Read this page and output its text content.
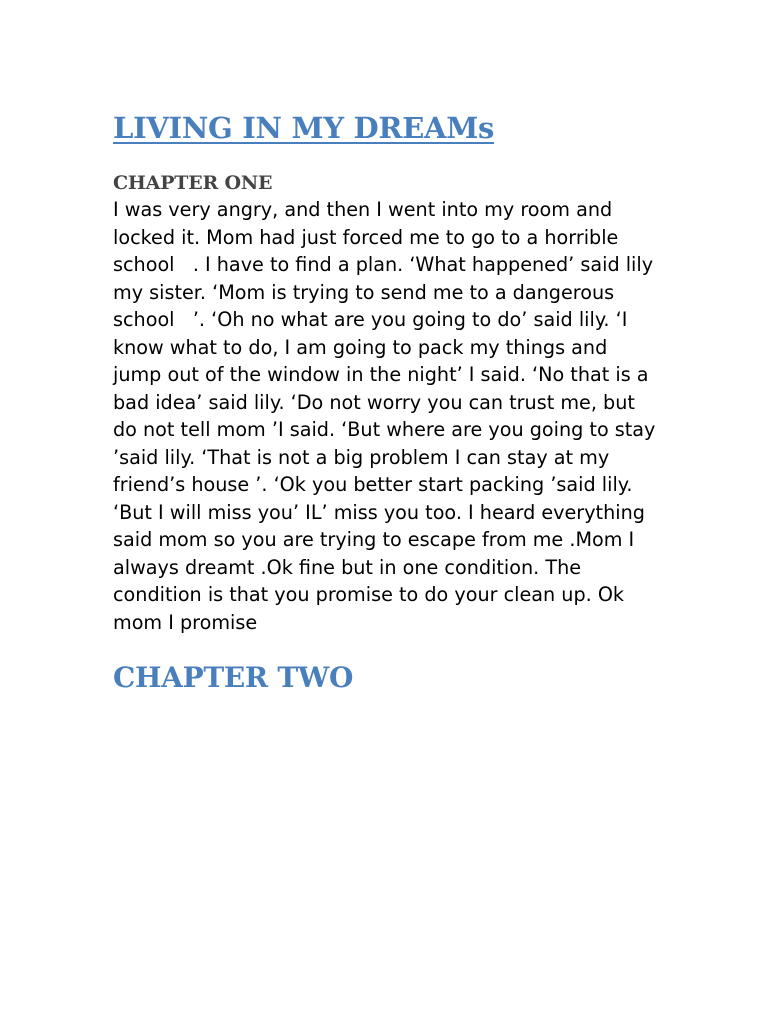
LIVING IN MY DREAMs
CHAPTER ONE

I was very angry, and then I went into my room and locked it. Mom had just forced me to go to a horrible school   . I have to find a plan. ‘What happened’ said lily my sister. ‘Mom is trying to send me to a dangerous school   ’. ‘Oh no what are you going to do’ said lily. ‘I know what to do, I am going to pack my things and jump out of the window in the night’ I said. ‘No that is a bad idea’ said lily. ‘Do not worry you can trust me, but do not tell mom ’I said. ‘But where are you going to stay ’said lily. ‘That is not a big problem I can stay at my friend’s house ’. ‘Ok you better start packing ’said lily. ‘But I will miss you’ IL’ miss you too. I heard everything said mom so you are trying to escape from me .Mom I always dreamt .Ok fine but in one condition. The condition is that you promise to do your clean up. Ok mom I promise

CHAPTER TWO
